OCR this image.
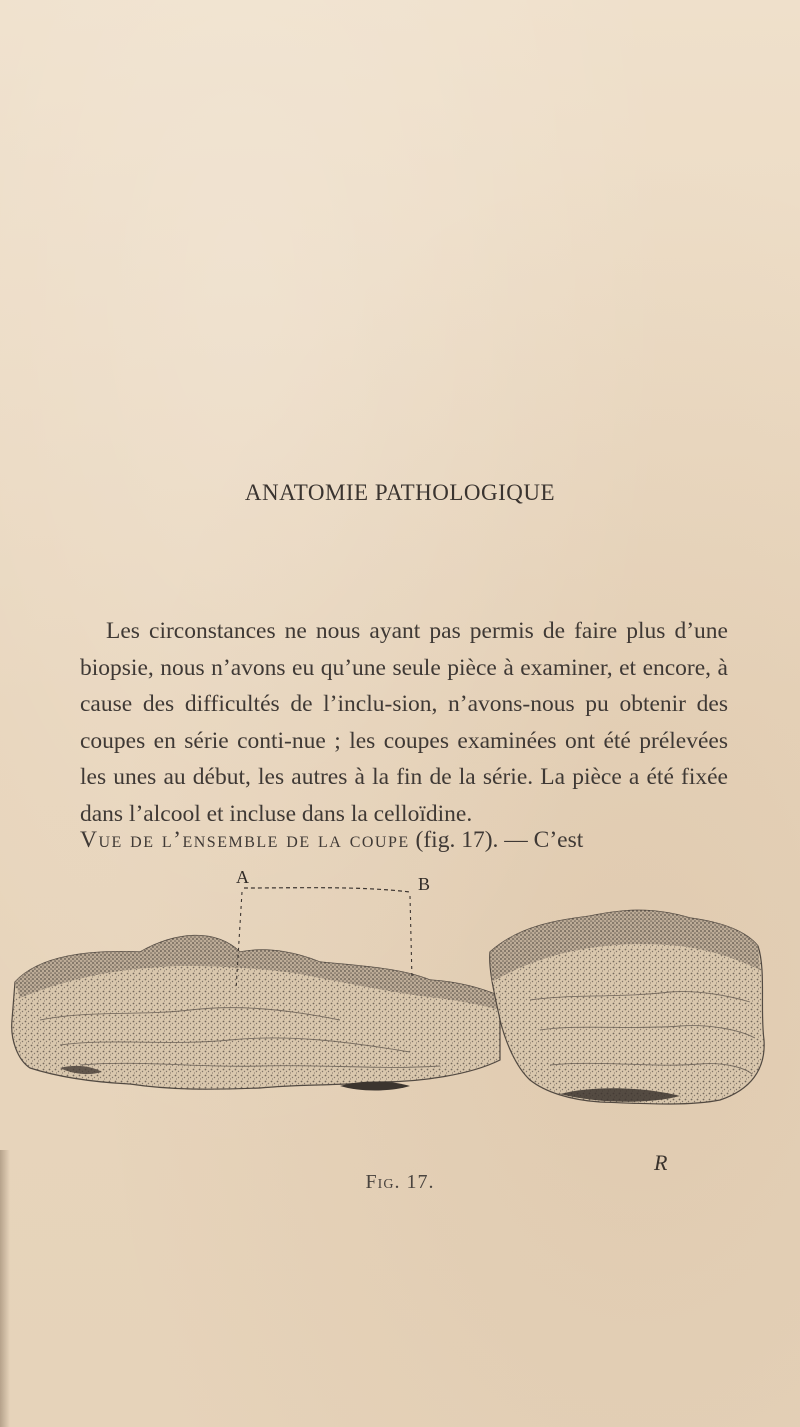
ANATOMIE PATHOLOGIQUE

Les circonstances ne nous ayant pas permis de faire plus d’une biopsie, nous n’avons eu qu’une seule pièce à examiner, et encore, à cause des difficultés de l’inclu-sion, n’avons-nous pu obtenir des coupes en série conti-nue ; les coupes examinées ont été prélevées les unes au début, les autres à la fin de la série. La pièce a été fixée dans l’alcool et incluse dans la celloïdine.

Vue de l’ensemble de la coupe (fig. 17). — C’est
A	B
R
Fig. 17.
